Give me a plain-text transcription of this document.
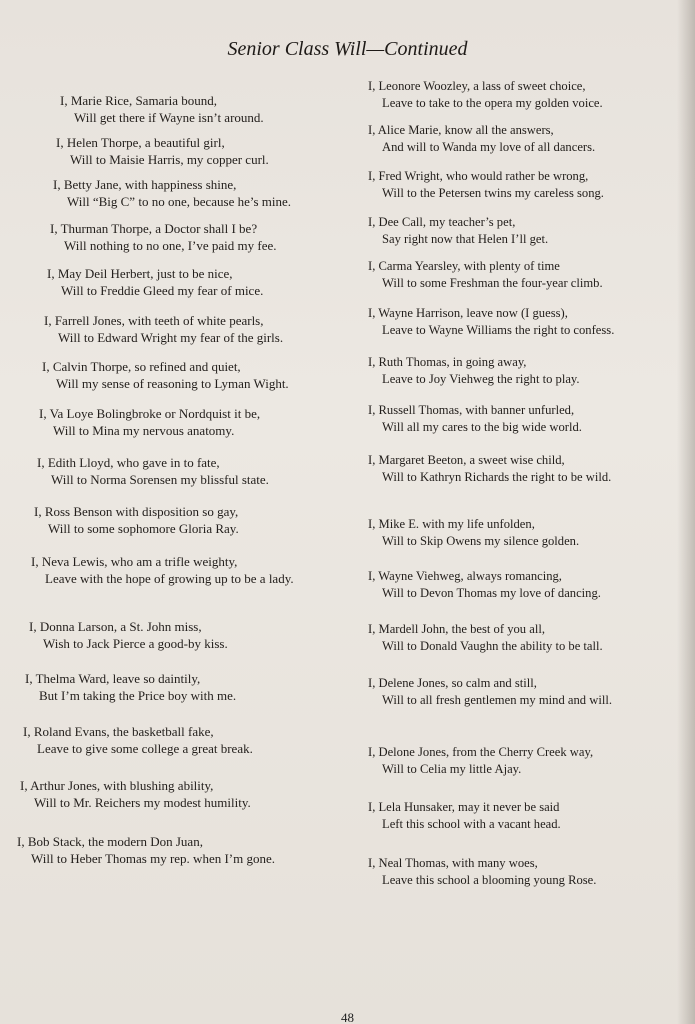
Senior Class Will—Continued
I, Marie Rice, Samaria bound,
Will get there if Wayne isn’t around.
I, Helen Thorpe, a beautiful girl,
Will to Maisie Harris, my copper curl.
I, Betty Jane, with happiness shine,
Will “Big C” to no one, because he’s mine.
I, Thurman Thorpe, a Doctor shall I be?
Will nothing to no one, I’ve paid my fee.
I, May Deil Herbert, just to be nice,
Will to Freddie Gleed my fear of mice.
I, Farrell Jones, with teeth of white pearls,
Will to Edward Wright my fear of the girls.
I, Calvin Thorpe, so refined and quiet,
Will my sense of reasoning to Lyman Wight.
I, Va Loye Bolingbroke or Nordquist it be,
Will to Mina my nervous anatomy.
I, Edith Lloyd, who gave in to fate,
Will to Norma Sorensen my blissful state.
I, Ross Benson with disposition so gay,
Will to some sophomore Gloria Ray.
I, Neva Lewis, who am a trifle weighty,
Leave with the hope of growing up to be a lady.
I, Donna Larson, a St. John miss,
Wish to Jack Pierce a good-by kiss.
I, Thelma Ward, leave so daintily,
But I’m taking the Price boy with me.
I, Roland Evans, the basketball fake,
Leave to give some college a great break.
I, Arthur Jones, with blushing ability,
Will to Mr. Reichers my modest humility.
I, Bob Stack, the modern Don Juan,
Will to Heber Thomas my rep. when I’m gone.
I, Leonore Woozley, a lass of sweet choice,
Leave to take to the opera my golden voice.
I, Alice Marie, know all the answers,
And will to Wanda my love of all dancers.
I, Fred Wright, who would rather be wrong,
Will to the Petersen twins my careless song.
I, Dee Call, my teacher’s pet,
Say right now that Helen I’ll get.
I, Carma Yearsley, with plenty of time
Will to some Freshman the four-year climb.
I, Wayne Harrison, leave now (I guess),
Leave to Wayne Williams the right to confess.
I, Ruth Thomas, in going away,
Leave to Joy Viehweg the right to play.
I, Russell Thomas, with banner unfurled,
Will all my cares to the big wide world.
I, Margaret Beeton, a sweet wise child,
Will to Kathryn Richards the right to be wild.
I, Mike E. with my life unfolden,
Will to Skip Owens my silence golden.
I, Wayne Viehweg, always romancing,
Will to Devon Thomas my love of dancing.
I, Mardell John, the best of you all,
Will to Donald Vaughn the ability to be tall.
I, Delene Jones, so calm and still,
Will to all fresh gentlemen my mind and will.
I, Delone Jones, from the Cherry Creek way,
Will to Celia my little Ajay.
I, Lela Hunsaker, may it never be said
Left this school with a vacant head.
I, Neal Thomas, with many woes,
Leave this school a blooming young Rose.
48
